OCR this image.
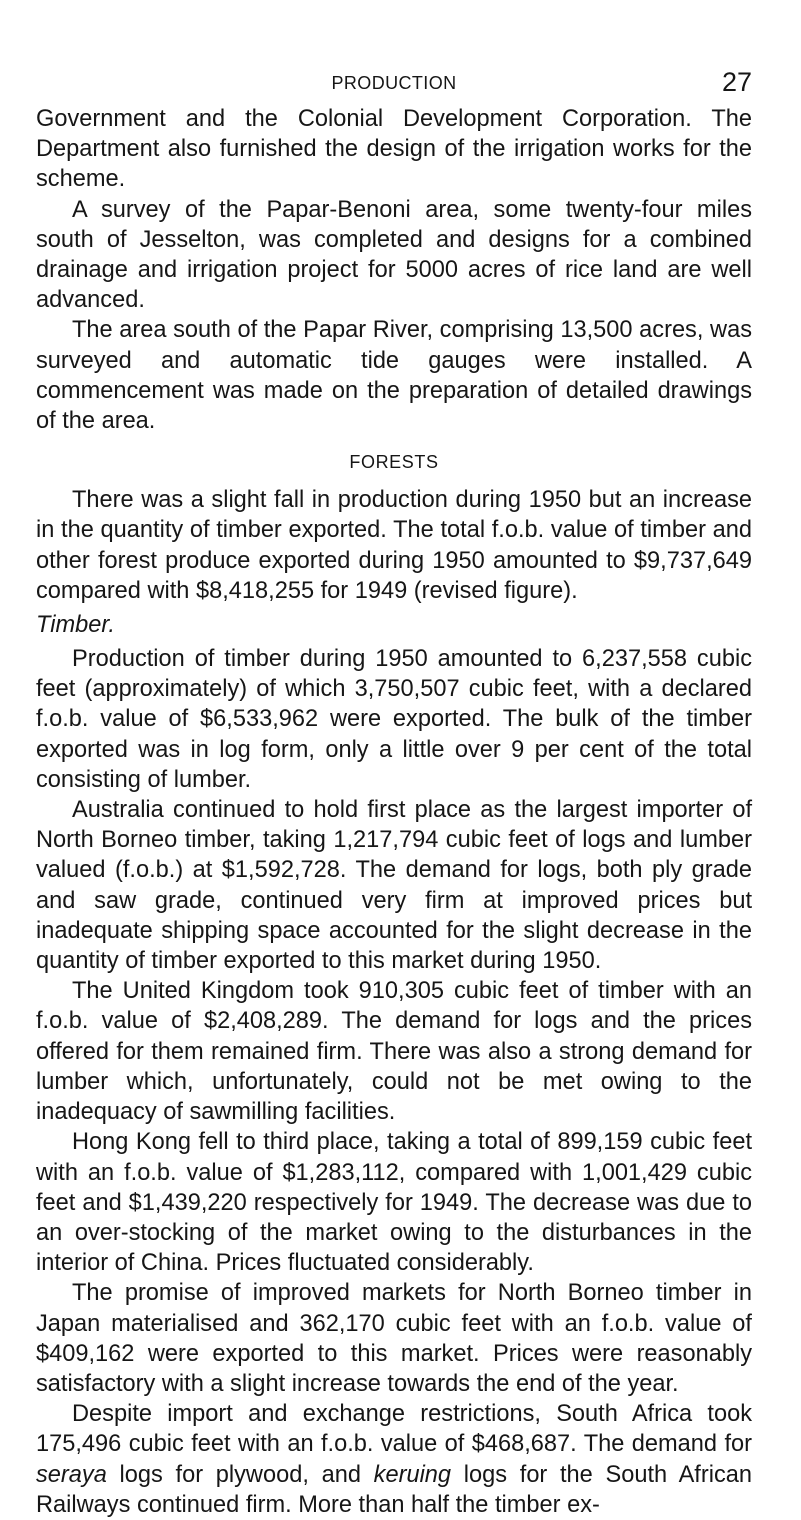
PRODUCTION	27

Government and the Colonial Development Corporation. The Department also furnished the design of the irrigation works for the scheme.

A survey of the Papar-Benoni area, some twenty-four miles south of Jesselton, was completed and designs for a combined drainage and irrigation project for 5000 acres of rice land are well advanced.

The area south of the Papar River, comprising 13,500 acres, was surveyed and automatic tide gauges were installed. A commencement was made on the preparation of detailed drawings of the area.

FORESTS

There was a slight fall in production during 1950 but an increase in the quantity of timber exported. The total f.o.b. value of timber and other forest produce exported during 1950 amounted to $9,737,649 compared with $8,418,255 for 1949 (revised figure).

Timber.

Production of timber during 1950 amounted to 6,237,558 cubic feet (approximately) of which 3,750,507 cubic feet, with a declared f.o.b. value of $6,533,962 were exported. The bulk of the timber exported was in log form, only a little over 9 per cent of the total consisting of lumber.

Australia continued to hold first place as the largest importer of North Borneo timber, taking 1,217,794 cubic feet of logs and lumber valued (f.o.b.) at $1,592,728. The demand for logs, both ply grade and saw grade, continued very firm at improved prices but inadequate shipping space accounted for the slight decrease in the quantity of timber exported to this market during 1950.

The United Kingdom took 910,305 cubic feet of timber with an f.o.b. value of $2,408,289. The demand for logs and the prices offered for them remained firm. There was also a strong demand for lumber which, unfortunately, could not be met owing to the inadequacy of sawmilling facilities.

Hong Kong fell to third place, taking a total of 899,159 cubic feet with an f.o.b. value of $1,283,112, compared with 1,001,429 cubic feet and $1,439,220 respectively for 1949. The decrease was due to an over-stocking of the market owing to the disturbances in the interior of China. Prices fluctuated considerably.

The promise of improved markets for North Borneo timber in Japan materialised and 362,170 cubic feet with an f.o.b. value of $409,162 were exported to this market. Prices were reasonably satisfactory with a slight increase towards the end of the year.

Despite import and exchange restrictions, South Africa took 175,496 cubic feet with an f.o.b. value of $468,687. The demand for seraya logs for plywood, and keruing logs for the South African Railways continued firm. More than half the timber ex-
